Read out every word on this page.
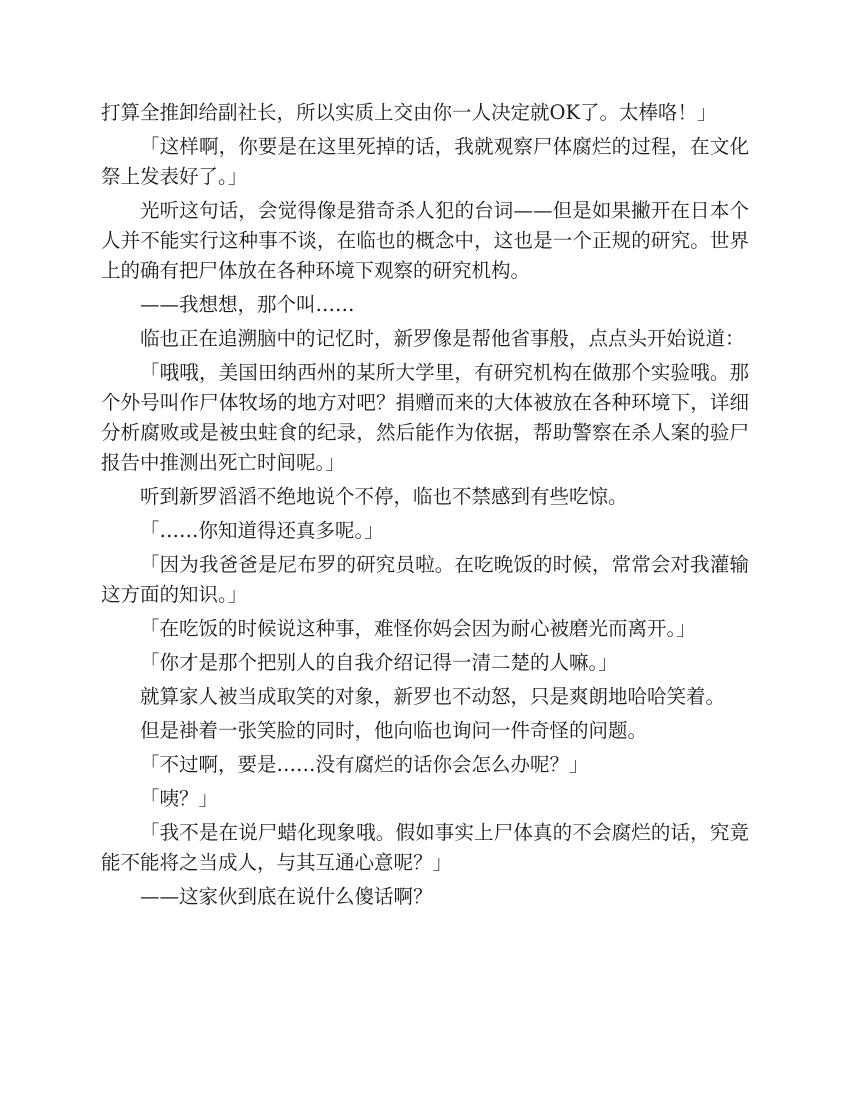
打算全推卸给副社长，所以实质上交由你一人决定就OK了。太棒咯！」

「这样啊，你要是在这里死掉的话，我就观察尸体腐烂的过程，在文化祭上发表好了。」

光听这句话，会觉得像是猎奇杀人犯的台词——但是如果撇开在日本个人并不能实行这种事不谈，在临也的概念中，这也是一个正规的研究。世界上的确有把尸体放在各种环境下观察的研究机构。

——我想想，那个叫……

临也正在追溯脑中的记忆时，新罗像是帮他省事般，点点头开始说道：

「哦哦，美国田纳西州的某所大学里，有研究机构在做那个实验哦。那个外号叫作尸体牧场的地方对吧？捐赠而来的大体被放在各种环境下，详细分析腐败或是被虫蛀食的纪录，然后能作为依据，帮助警察在杀人案的验尸报告中推测出死亡时间呢。」

听到新罗滔滔不绝地说个不停，临也不禁感到有些吃惊。

「……你知道得还真多呢。」

「因为我爸爸是尼布罗的研究员啦。在吃晚饭的时候，常常会对我灌输这方面的知识。」

「在吃饭的时候说这种事，难怪你妈会因为耐心被磨光而离开。」

「你才是那个把别人的自我介绍记得一清二楚的人嘛。」

就算家人被当成取笑的对象，新罗也不动怒，只是爽朗地哈哈笑着。

但是褂着一张笑脸的同时，他向临也询问一件奇怪的问题。

「不过啊，要是……没有腐烂的话你会怎么办呢？」

「咦？」

「我不是在说尸蜡化现象哦。假如事实上尸体真的不会腐烂的话，究竟能不能将之当成人，与其互通心意呢？」

——这家伙到底在说什么傻话啊？
